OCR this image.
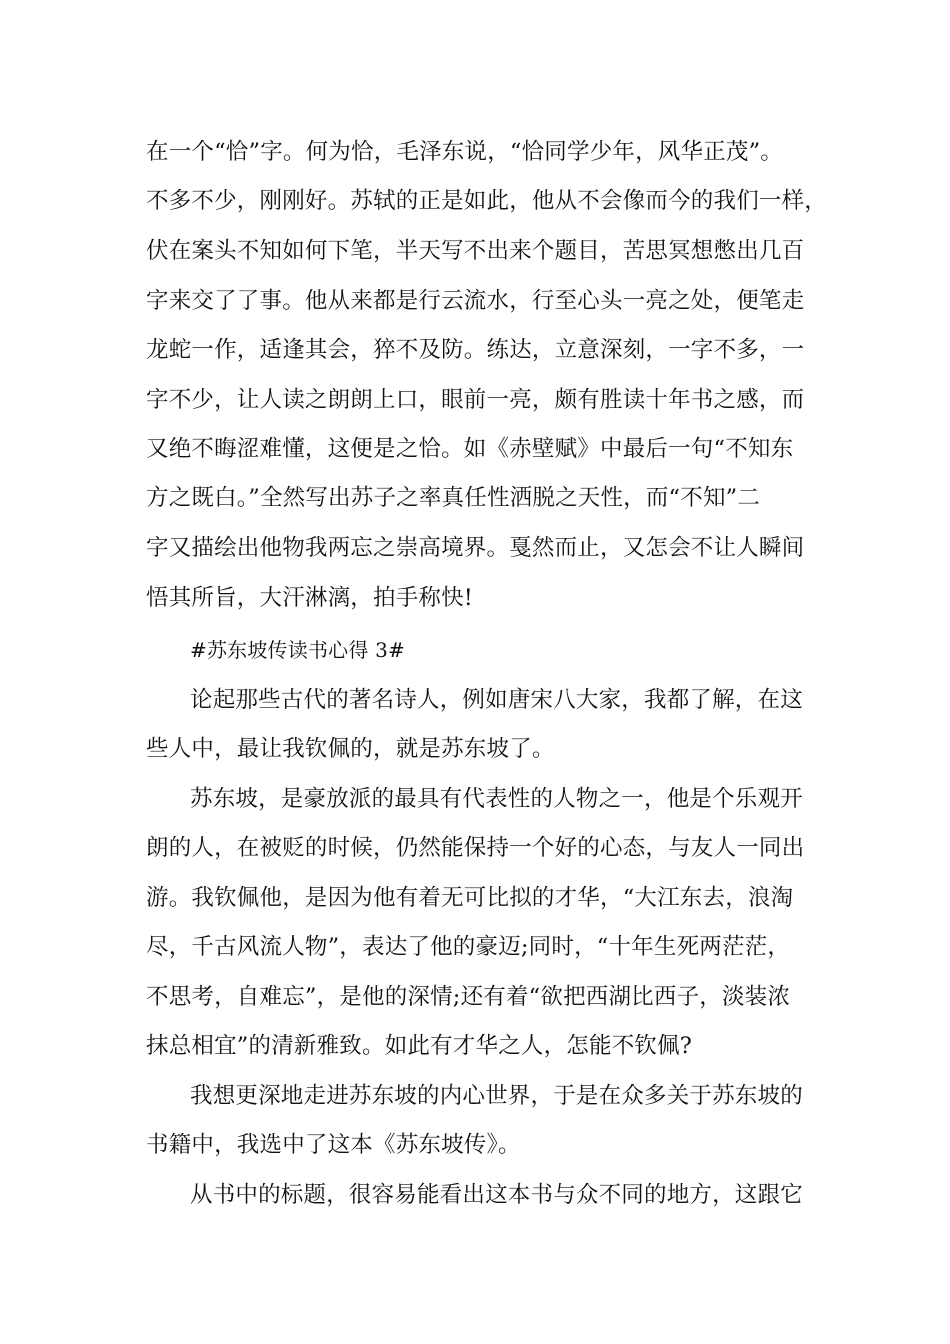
在一个“恰”字。何为恰，毛泽东说，“恰同学少年，风华正茂”。
不多不少，刚刚好。苏轼的正是如此，他从不会像而今的我们一样，
伏在案头不知如何下笔，半天写不出来个题目，苦思冥想憋出几百
字来交了了事。他从来都是行云流水，行至心头一亮之处，便笔走
龙蛇一作，适逢其会，猝不及防。练达，立意深刻，一字不多，一
字不少，让人读之朗朗上口，眼前一亮，颇有胜读十年书之感，而
又绝不晦涩难懂，这便是之恰。如《赤壁赋》中最后一句“不知东
方之既白。”全然写出苏子之率真任性洒脱之天性，而“不知”二
字又描绘出他物我两忘之崇高境界。戛然而止，又怎会不让人瞬间
悟其所旨，大汗淋漓，拍手称快!
#苏东坡传读书心得 3#
论起那些古代的著名诗人，例如唐宋八大家，我都了解，在这
些人中，最让我钦佩的，就是苏东坡了。
苏东坡，是豪放派的最具有代表性的人物之一，他是个乐观开
朗的人，在被贬的时候，仍然能保持一个好的心态，与友人一同出
游。我钦佩他，是因为他有着无可比拟的才华，“大江东去，浪淘
尽，千古风流人物”，表达了他的豪迈;同时，“十年生死两茫茫，
不思考，自难忘”，是他的深情;还有着“欲把西湖比西子，淡装浓
抹总相宜”的清新雅致。如此有才华之人，怎能不钦佩?
我想更深地走进苏东坡的内心世界，于是在众多关于苏东坡的
书籍中，我选中了这本《苏东坡传》。
从书中的标题，很容易能看出这本书与众不同的地方，这跟它
